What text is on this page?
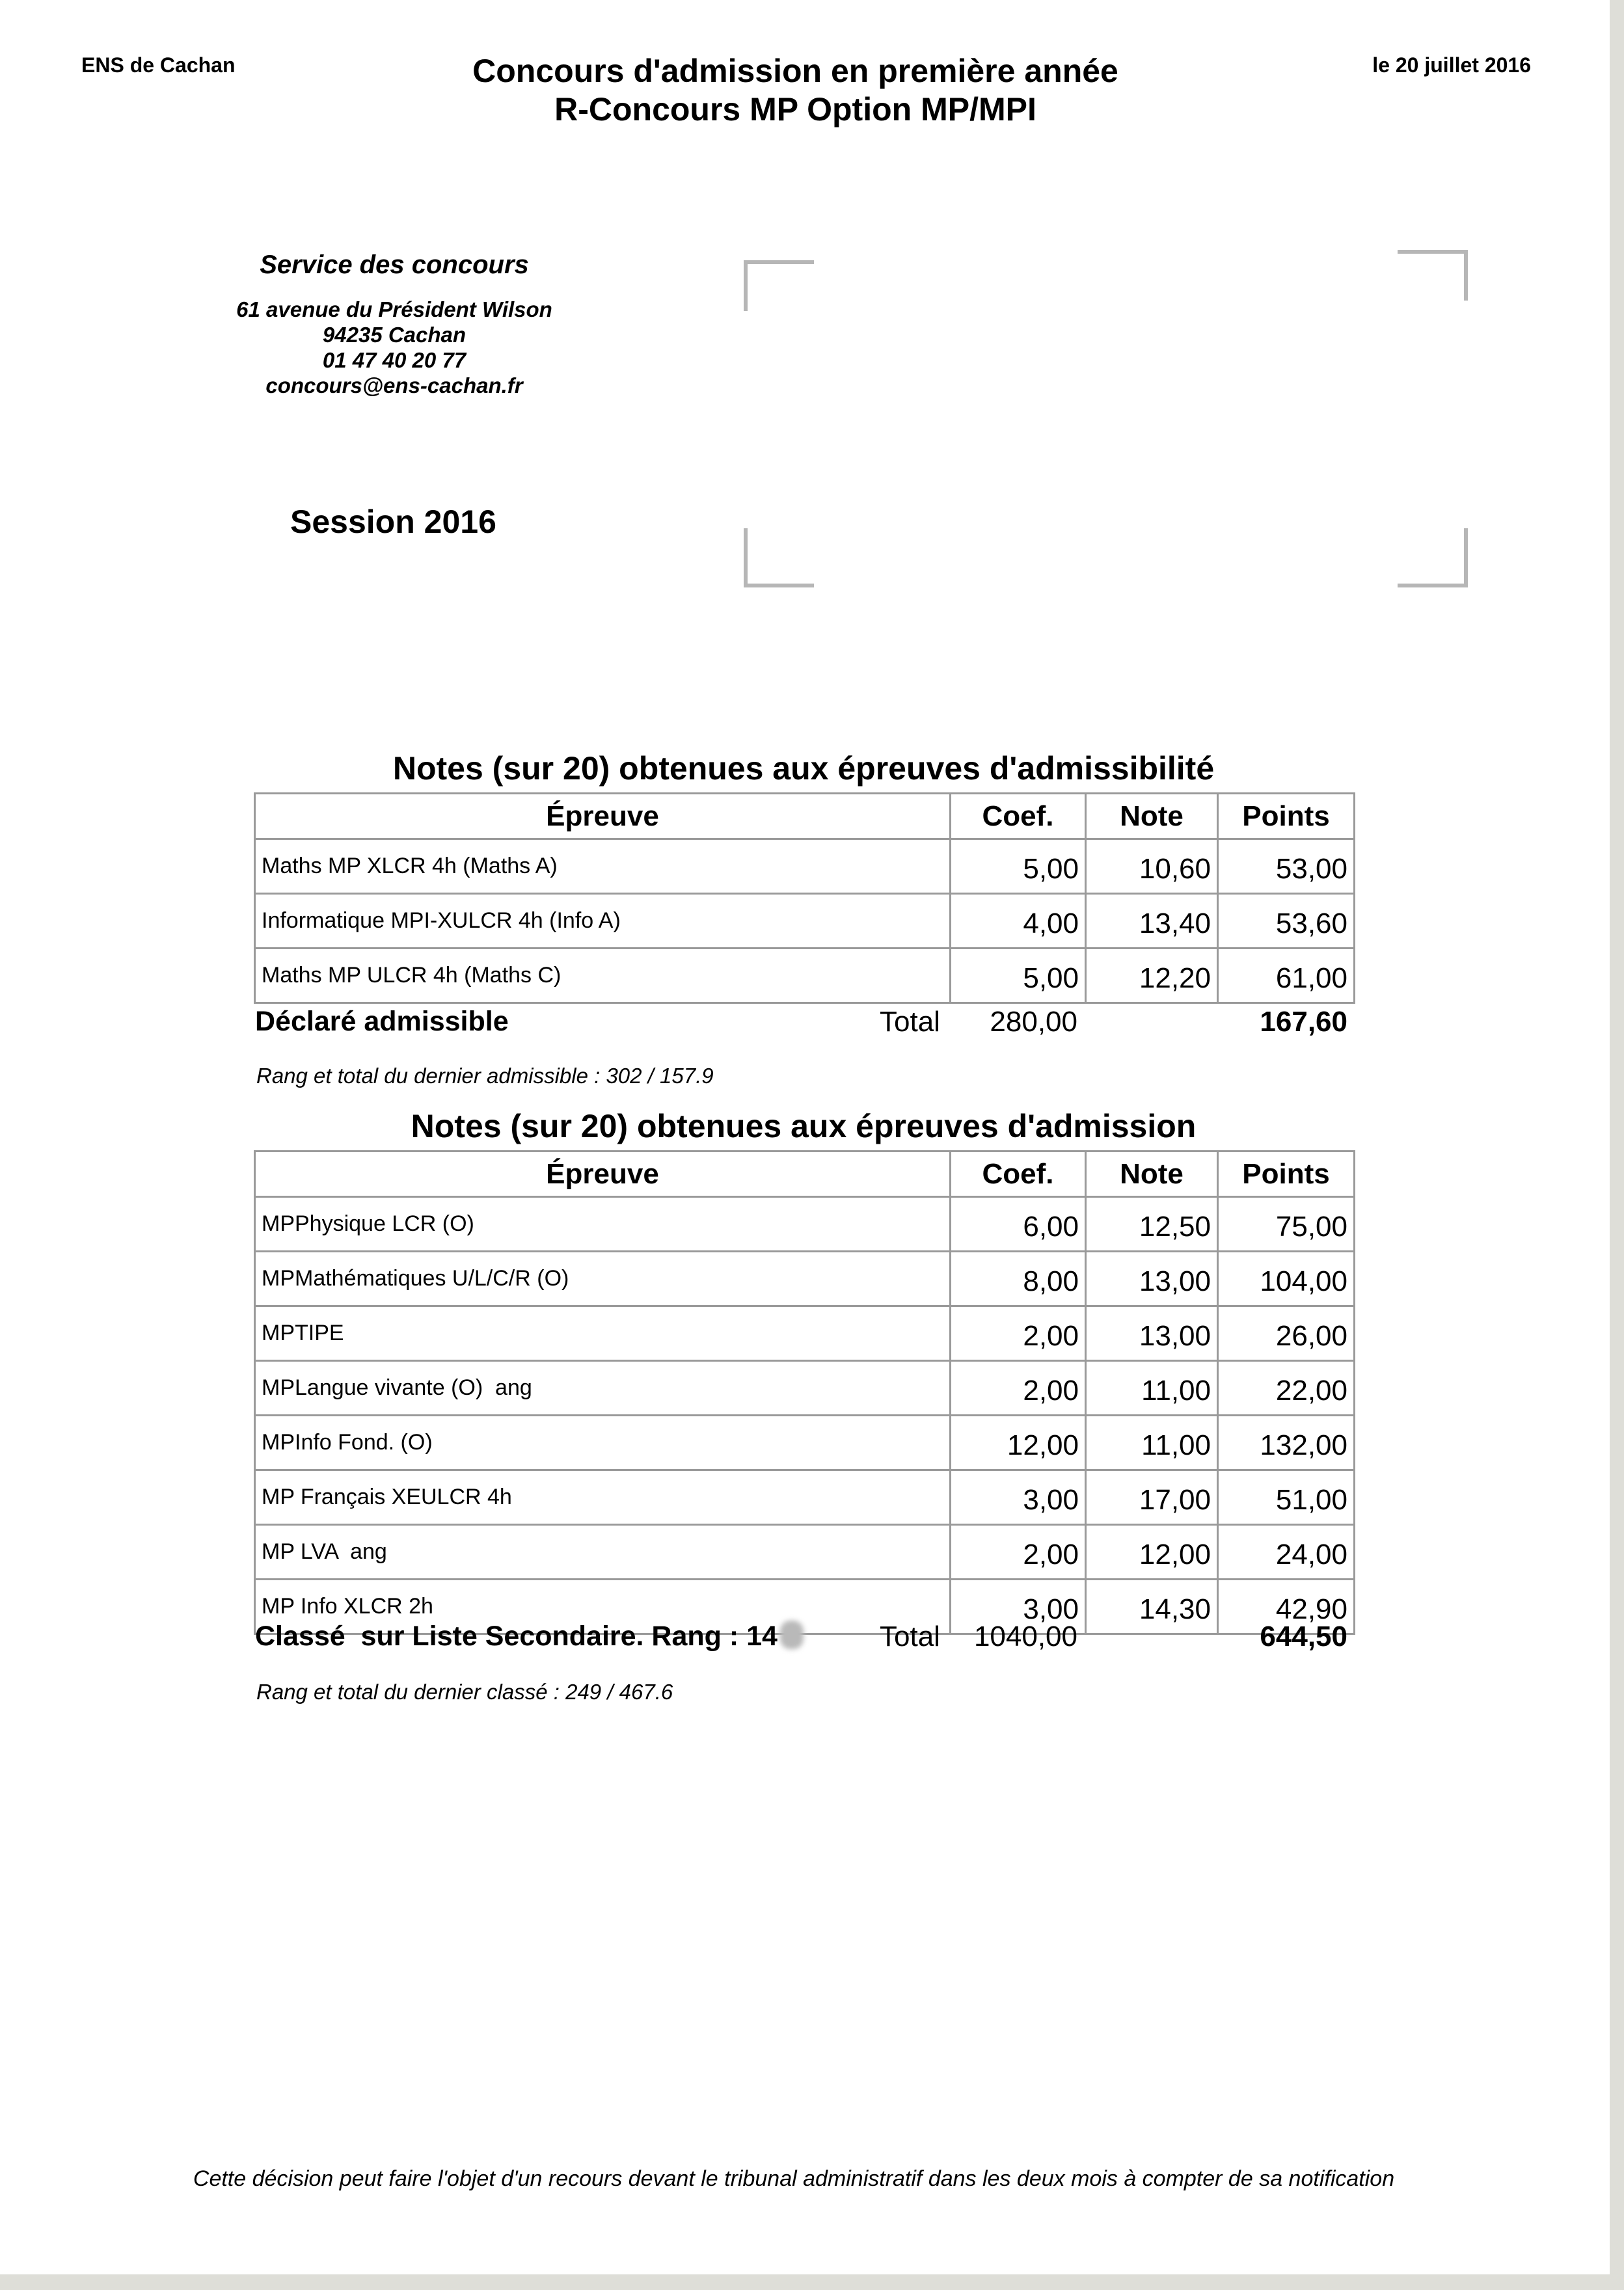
ENS de Cachan	Concours d'admission en première année
R-Concours MP Option MP/MPI
le 20 juillet 2016
Service des concours
61 avenue du Président Wilson
94235 Cachan
01 47 40 20 77
concours@ens-cachan.fr
Session 2016
Notes (sur 20) obtenues aux épreuves d'admissibilité
Épreuve	Coef.	Note	Points
Maths MP XLCR 4h (Maths A)	5,00	10,60	53,00
Informatique MPI-XULCR 4h (Info A)	4,00	13,40	53,60
Maths MP ULCR 4h (Maths C)	5,00	12,20	61,00
Déclaré admissible	Total 280,00	167,60
Rang et total du dernier admissible : 302 / 157.9
Notes (sur 20) obtenues aux épreuves d'admission
Épreuve	Coef.	Note	Points
MPPhysique LCR (O)	6,00	12,50	75,00
MPMathématiques U/L/C/R (O)	8,00	13,00	104,00
MPTIPE	2,00	13,00	26,00
MPLangue vivante (O)  ang	2,00	11,00	22,00
MPInfo Fond. (O)	12,00	11,00	132,00
MP Français XEULCR 4h	3,00	17,00	51,00
MP LVA  ang	2,00	12,00	24,00
MP Info XLCR 2h	3,00	14,30	42,90
Classé  sur Liste Secondaire. Rang : 14	Total 1040,00	644,50
Rang et total du dernier classé : 249 / 467.6
Cette décision peut faire l'objet d'un recours devant le tribunal administratif dans les deux mois à compter de sa notification
